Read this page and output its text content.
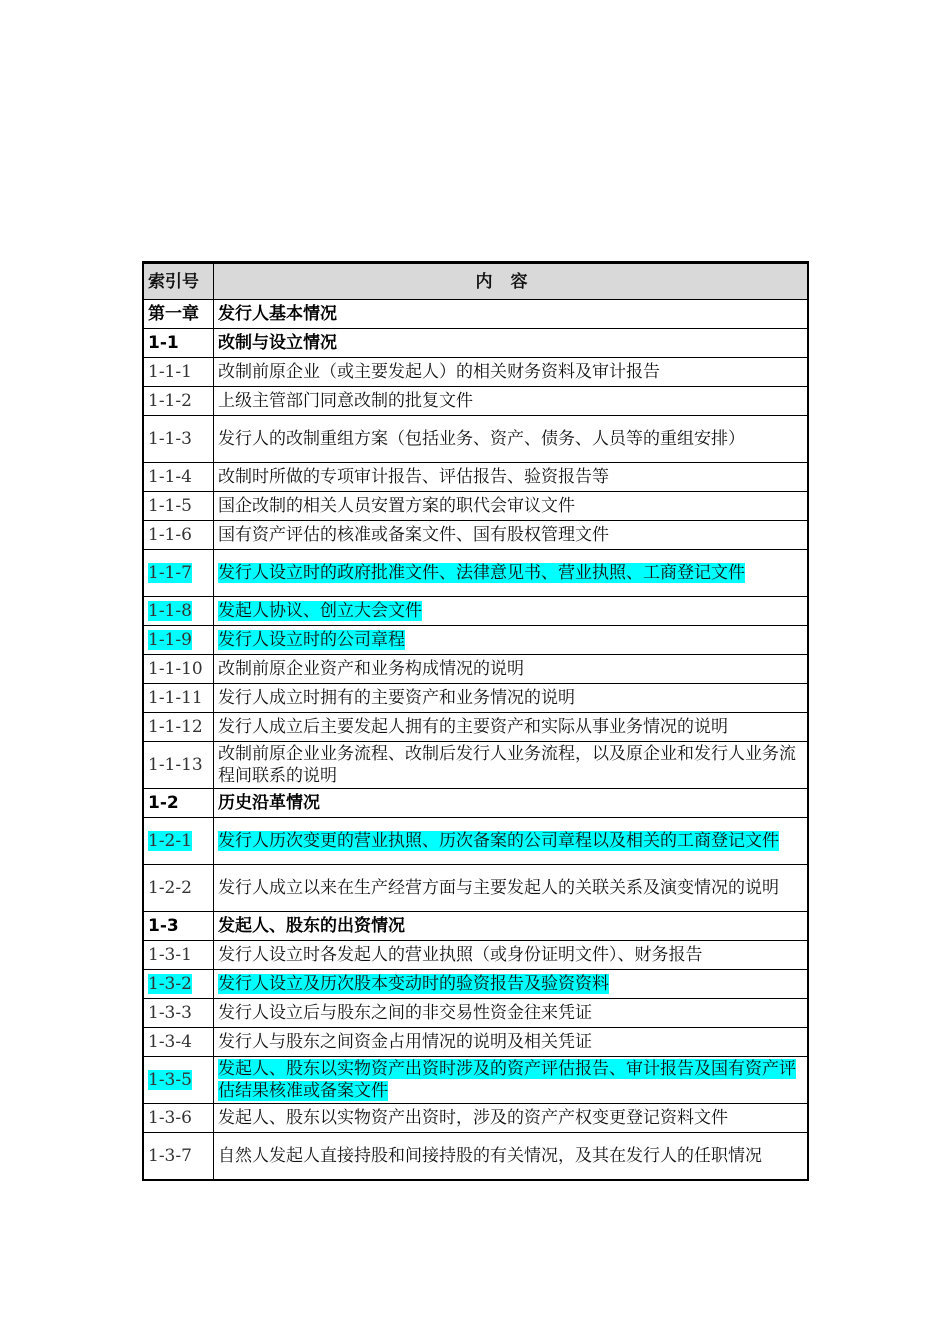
索引号	内容
第一章	发行人基本情况
1-1	改制与设立情况
1-1-1	改制前原企业（或主要发起人）的相关财务资料及审计报告
1-1-2	上级主管部门同意改制的批复文件
1-1-3	发行人的改制重组方案（包括业务、资产、债务、人员等的重组安排）
1-1-4	改制时所做的专项审计报告、评估报告、验资报告等
1-1-5	国企改制的相关人员安置方案的职代会审议文件
1-1-6	国有资产评估的核准或备案文件、国有股权管理文件
1-1-7	发行人设立时的政府批准文件、法律意见书、营业执照、工商登记文件
1-1-8	发起人协议、创立大会文件
1-1-9	发行人设立时的公司章程
1-1-10	改制前原企业资产和业务构成情况的说明
1-1-11	发行人成立时拥有的主要资产和业务情况的说明
1-1-12	发行人成立后主要发起人拥有的主要资产和实际从事业务情况的说明
1-1-13	改制前原企业业务流程、改制后发行人业务流程，以及原企业和发行人业务流程间联系的说明
1-2	历史沿革情况
1-2-1	发行人历次变更的营业执照、历次备案的公司章程以及相关的工商登记文件
1-2-2	发行人成立以来在生产经营方面与主要发起人的关联关系及演变情况的说明
1-3	发起人、股东的出资情况
1-3-1	发行人设立时各发起人的营业执照（或身份证明文件）、财务报告
1-3-2	发行人设立及历次股本变动时的验资报告及验资资料
1-3-3	发行人设立后与股东之间的非交易性资金往来凭证
1-3-4	发行人与股东之间资金占用情况的说明及相关凭证
1-3-5	发起人、股东以实物资产出资时涉及的资产评估报告、审计报告及国有资产评估结果核准或备案文件
1-3-6	发起人、股东以实物资产出资时，涉及的资产产权变更登记资料文件
1-3-7	自然人发起人直接持股和间接持股的有关情况，及其在发行人的任职情况
